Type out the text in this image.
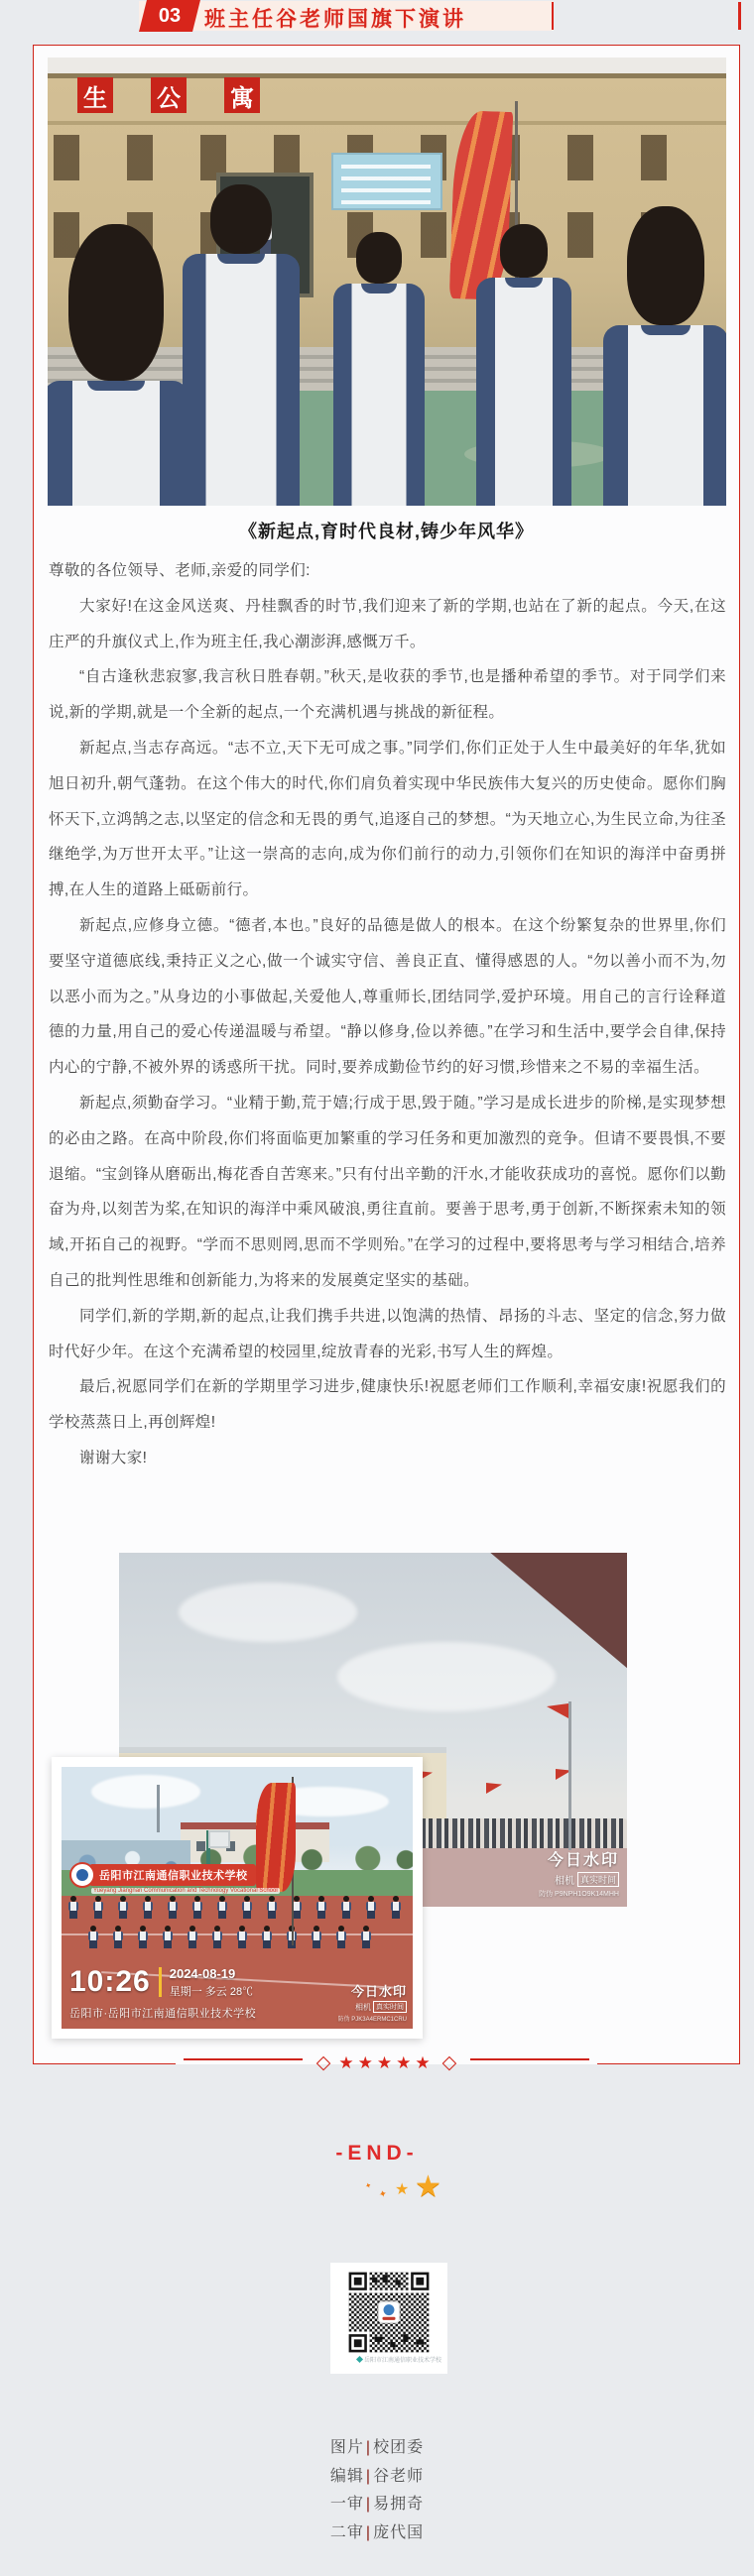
03 班主任谷老师国旗下演讲
生 公 寓
《新起点,育时代良材,铸少年风华》

尊敬的各位领导、老师,亲爱的同学们:

大家好!在这金风送爽、丹桂飘香的时节,我们迎来了新的学期,也站在了新的起点。今天,在这庄严的升旗仪式上,作为班主任,我心潮澎湃,感慨万千。

“自古逢秋悲寂寥,我言秋日胜春朝。”秋天,是收获的季节,也是播种希望的季节。对于同学们来说,新的学期,就是一个全新的起点,一个充满机遇与挑战的新征程。

新起点,当志存高远。“志不立,天下无可成之事。”同学们,你们正处于人生中最美好的年华,犹如旭日初升,朝气蓬勃。在这个伟大的时代,你们肩负着实现中华民族伟大复兴的历史使命。愿你们胸怀天下,立鸿鹄之志,以坚定的信念和无畏的勇气,追逐自己的梦想。“为天地立心,为生民立命,为往圣继绝学,为万世开太平。”让这一崇高的志向,成为你们前行的动力,引领你们在知识的海洋中奋勇拼搏,在人生的道路上砥砺前行。

新起点,应修身立德。“德者,本也。”良好的品德是做人的根本。在这个纷繁复杂的世界里,你们要坚守道德底线,秉持正义之心,做一个诚实守信、善良正直、懂得感恩的人。“勿以善小而不为,勿以恶小而为之。”从身边的小事做起,关爱他人,尊重师长,团结同学,爱护环境。用自己的言行诠释道德的力量,用自己的爱心传递温暖与希望。“静以修身,俭以养德。”在学习和生活中,要学会自律,保持内心的宁静,不被外界的诱惑所干扰。同时,要养成勤俭节约的好习惯,珍惜来之不易的幸福生活。

新起点,须勤奋学习。“业精于勤,荒于嬉;行成于思,毁于随。”学习是成长进步的阶梯,是实现梦想的必由之路。在高中阶段,你们将面临更加繁重的学习任务和更加激烈的竞争。但请不要畏惧,不要退缩。“宝剑锋从磨砺出,梅花香自苦寒来。”只有付出辛勤的汗水,才能收获成功的喜悦。愿你们以勤奋为舟,以刻苦为桨,在知识的海洋中乘风破浪,勇往直前。要善于思考,勇于创新,不断探索未知的领域,开拓自己的视野。“学而不思则罔,思而不学则殆。”在学习的过程中,要将思考与学习相结合,培养自己的批判性思维和创新能力,为将来的发展奠定坚实的基础。

同学们,新的学期,新的起点,让我们携手共进,以饱满的热情、昂扬的斗志、坚定的信念,努力做时代好少年。在这个充满希望的校园里,绽放青春的光彩,书写人生的辉煌。

最后,祝愿同学们在新的学期里学习进步,健康快乐!祝愿老师们工作顺利,幸福安康!祝愿我们的学校蒸蒸日上,再创辉煌!

谢谢大家!

今日水印
相机 真实时间
防伪 P9NPH1O9K14MHH
岳阳市江南通信职业技术学校
Yueyang Jiangnan Communication and Technology Vocational School
10:26 2024-08-19
星期一 多云 28℃
岳阳市·岳阳市江南通信职业技术学校
今日水印
相机 真实时间
防伪 PJK3A4ERMC1CRU
◇ ★★★★★ ◇
-END-
✦
✦ ★ ★
岳阳市江南通信职业技术学校
图片 | 校团委
编辑 | 谷老师
一审 | 易拥奇
二审 | 庞代国
